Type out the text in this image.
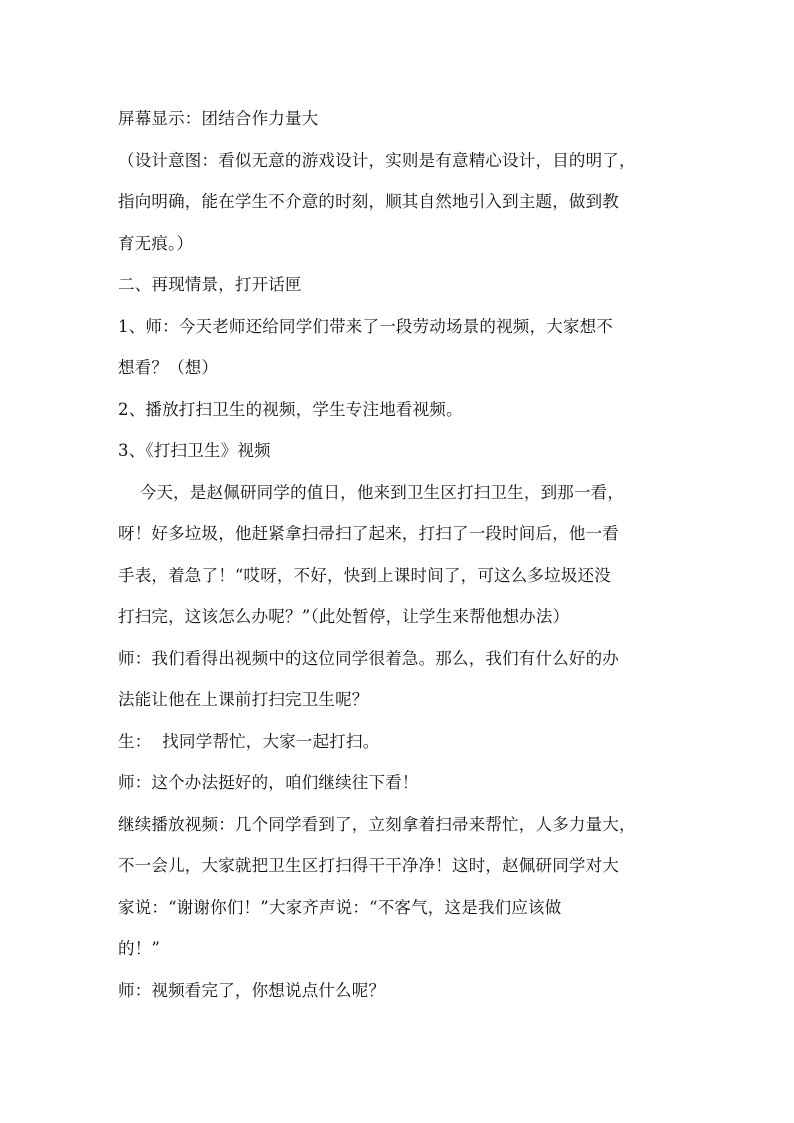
屏幕显示：团结合作力量大
（设计意图：看似无意的游戏设计，实则是有意精心设计，目的明了，
指向明确，能在学生不介意的时刻，顺其自然地引入到主题，做到教
育无痕。）
二、再现情景，打开话匣
1、师：今天老师还给同学们带来了一段劳动场景的视频，大家想不
想看？（想）
2、播放打扫卫生的视频，学生专注地看视频。
3、《打扫卫生》视频
今天，是赵佩研同学的值日，他来到卫生区打扫卫生，到那一看，
呀！好多垃圾，他赶紧拿扫帚扫了起来，打扫了一段时间后，他一看
手表，着急了！“哎呀，不好，快到上课时间了，可这么多垃圾还没
打扫完，这该怎么办呢？”（此处暂停，让学生来帮他想办法）
师：我们看得出视频中的这位同学很着急。那么，我们有什么好的办
法能让他在上课前打扫完卫生呢？
生：  找同学帮忙，大家一起打扫。
师：这个办法挺好的，咱们继续往下看！
继续播放视频：几个同学看到了，立刻拿着扫帚来帮忙，人多力量大，
不一会儿，大家就把卫生区打扫得干干净净！这时，赵佩研同学对大
家说：“谢谢你们！”大家齐声说：“不客气，这是我们应该做
的！”
师：视频看完了，你想说点什么呢？
